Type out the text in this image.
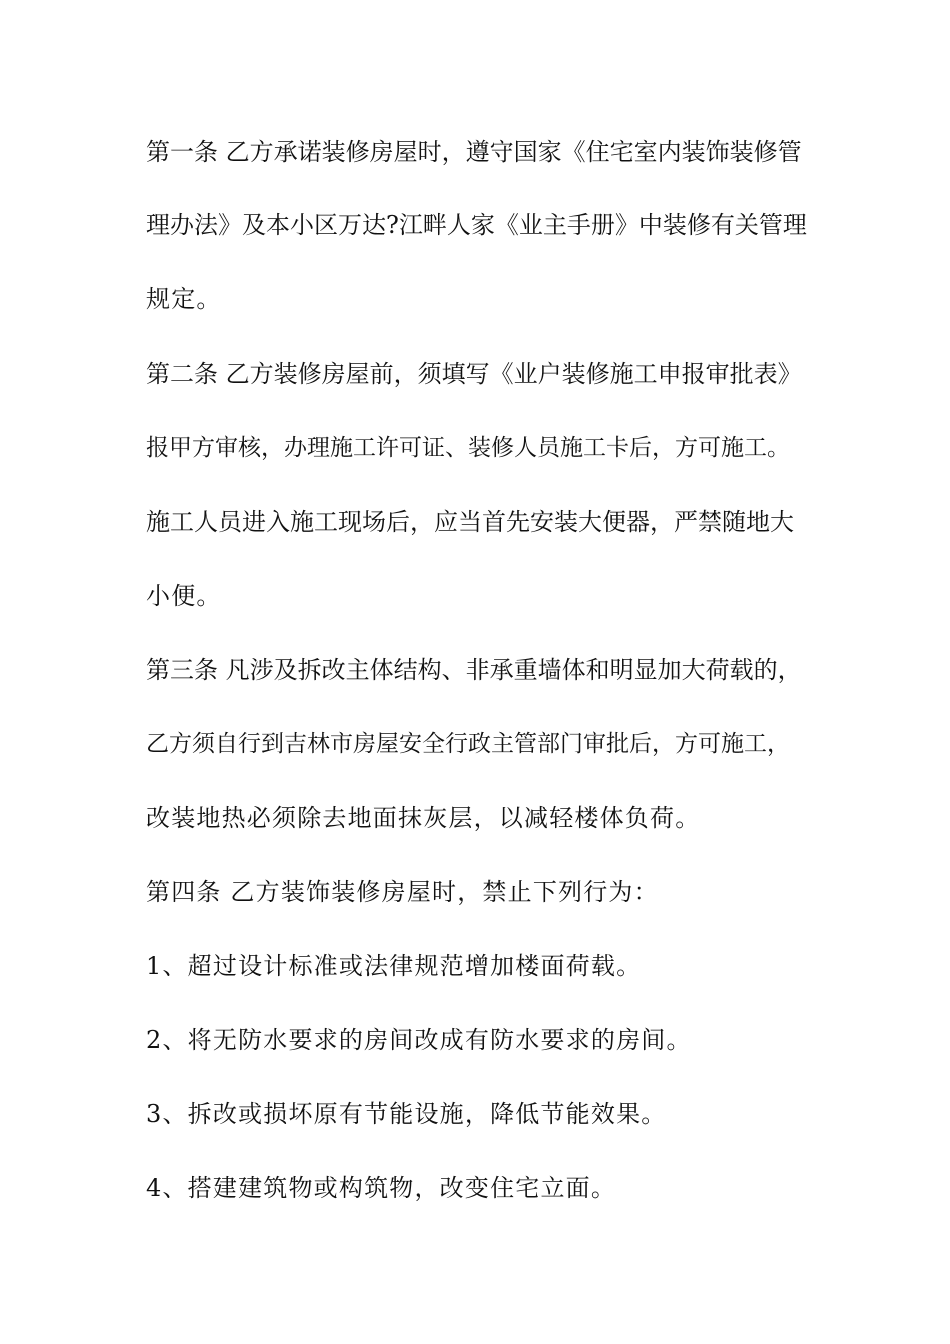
第一条 乙方承诺装修房屋时，遵守国家《住宅室内装饰装修管
理办法》及本小区万达?江畔人家《业主手册》中装修有关管理
规定。
第二条 乙方装修房屋前，须填写《业户装修施工申报审批表》
报甲方审核，办理施工许可证、装修人员施工卡后，方可施工。
施工人员进入施工现场后，应当首先安装大便器，严禁随地大
小便。
第三条 凡涉及拆改主体结构、非承重墙体和明显加大荷载的，
乙方须自行到吉林市房屋安全行政主管部门审批后，方可施工，
改装地热必须除去地面抹灰层，以减轻楼体负荷。
第四条 乙方装饰装修房屋时，禁止下列行为：
1、超过设计标准或法律规范增加楼面荷载。
2、将无防水要求的房间改成有防水要求的房间。
3、拆改或损坏原有节能设施，降低节能效果。
4、搭建建筑物或构筑物，改变住宅立面。
